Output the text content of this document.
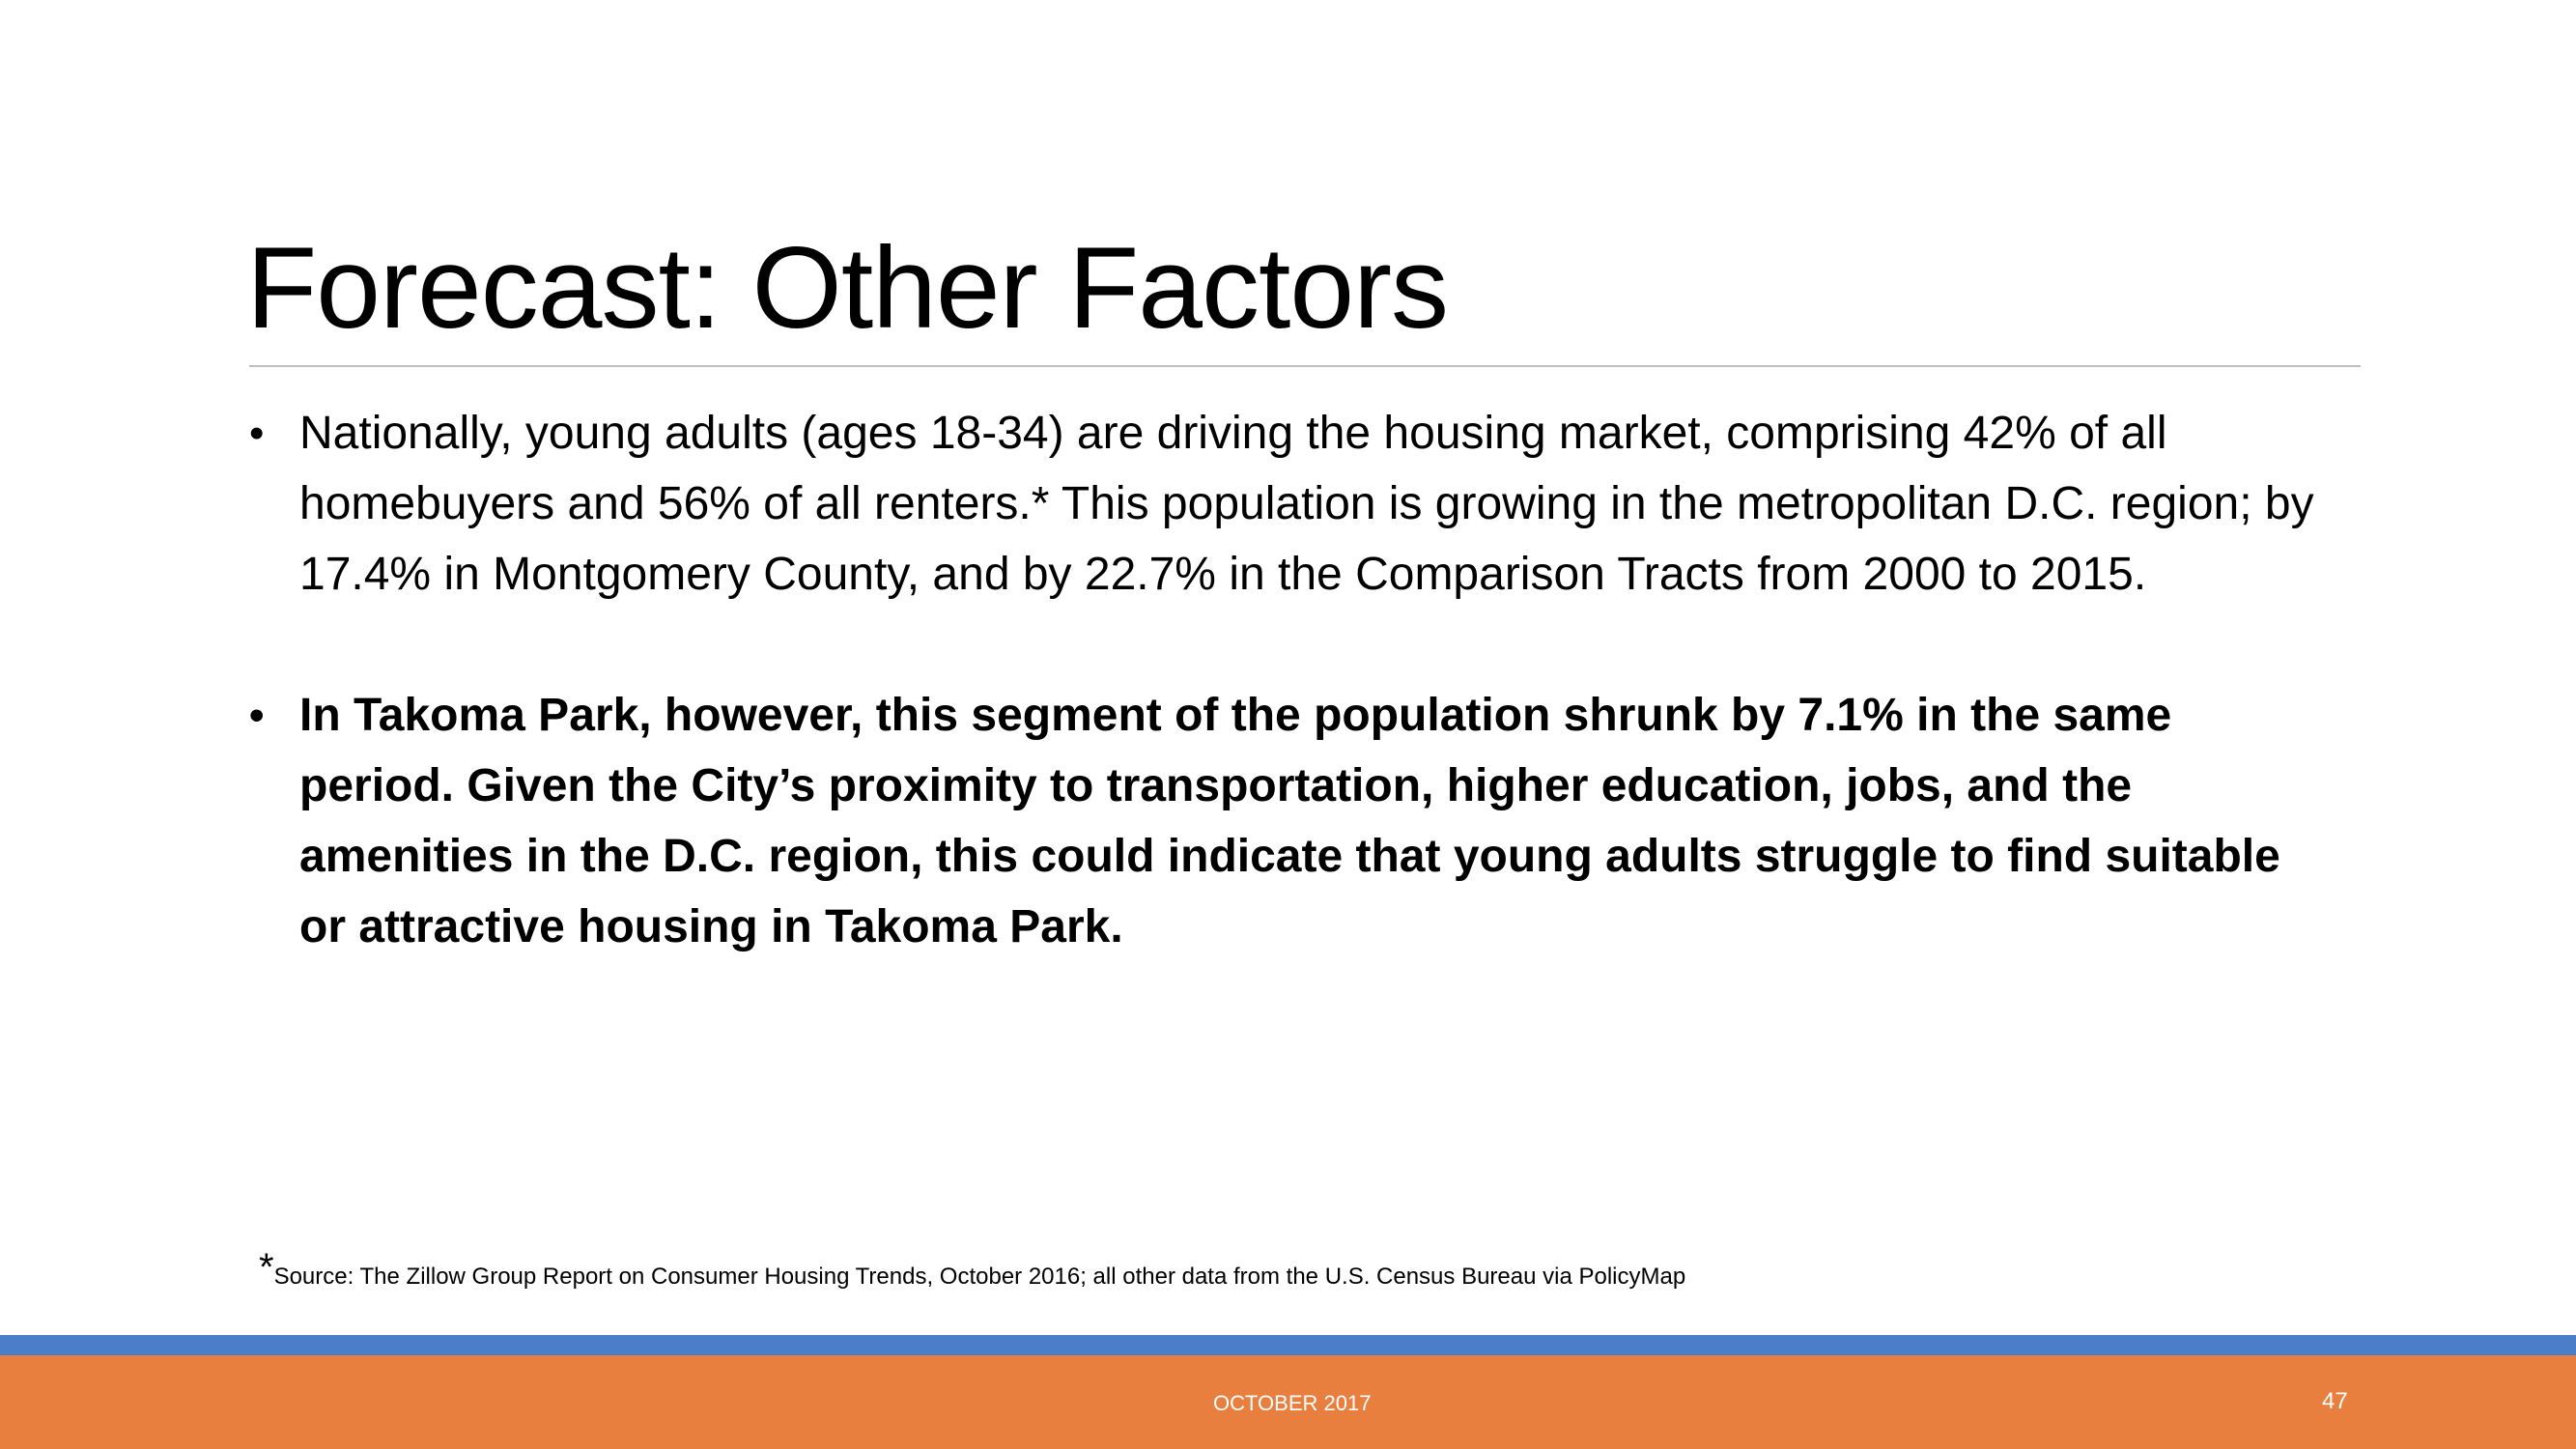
Forecast: Other Factors
• Nationally, young adults (ages 18-34) are driving the housing market, comprising 42% of all homebuyers and 56% of all renters.* This population is growing in the metropolitan D.C. region; by 17.4% in Montgomery County, and by 22.7% in the Comparison Tracts from 2000 to 2015.
• In Takoma Park, however, this segment of the population shrunk by 7.1% in the same period. Given the City’s proximity to transportation, higher education, jobs, and the amenities in the D.C. region, this could indicate that young adults struggle to find suitable or attractive housing in Takoma Park.
*Source: The Zillow Group Report on Consumer Housing Trends, October 2016; all other data from the U.S. Census Bureau via PolicyMap
OCTOBER 2017	47
